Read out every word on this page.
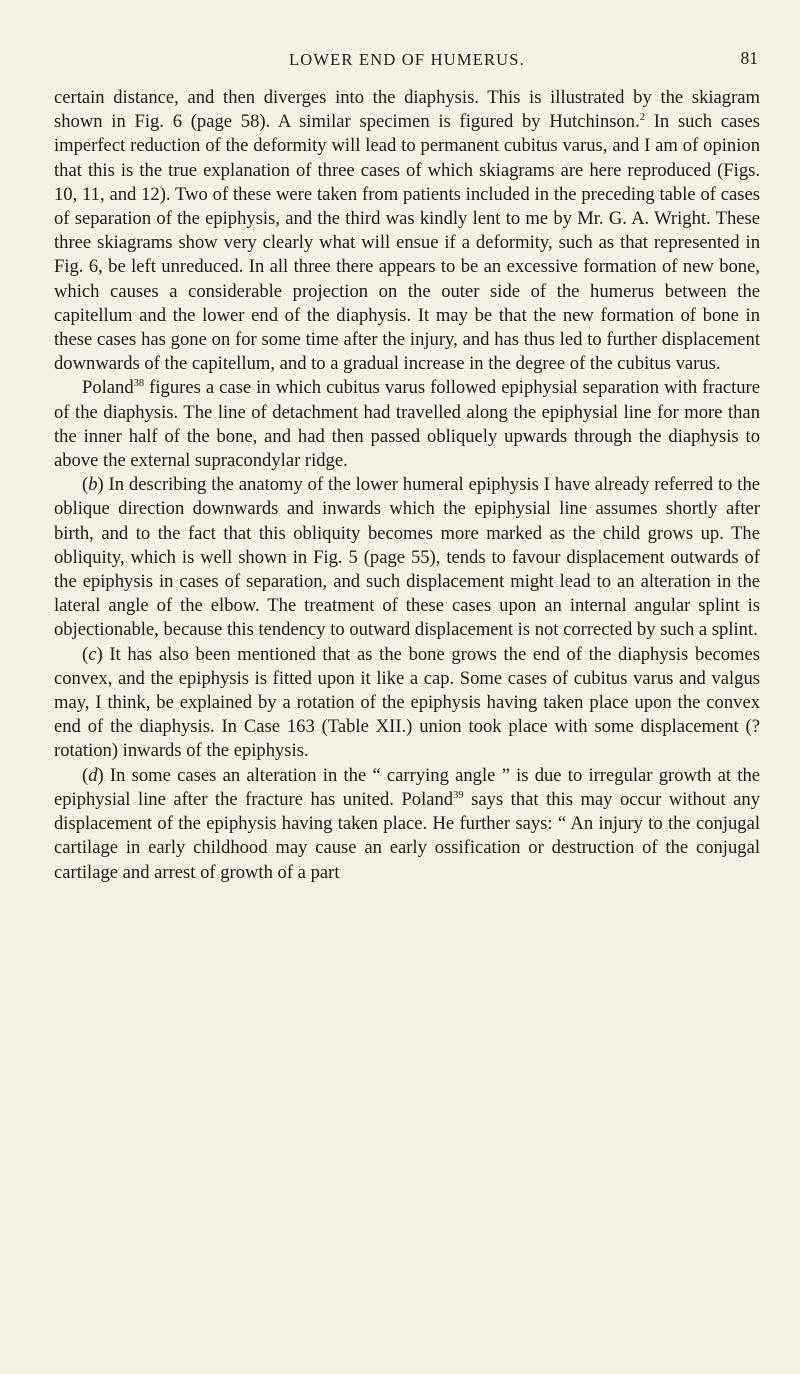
LOWER END OF HUMERUS.	81

certain distance, and then diverges into the diaphysis. This is illustrated by the skiagram shown in Fig. 6 (page 58). A similar specimen is figured by Hutchinson.$^2$ In such cases imperfect reduction of the deformity will lead to permanent cubitus varus, and I am of opinion that this is the true explanation of three cases of which skiagrams are here reproduced (Figs. 10, 11, and 12). Two of these were taken from patients included in the preceding table of cases of separation of the epiphysis, and the third was kindly lent to me by Mr. G. A. Wright. These three skiagrams show very clearly what will ensue if a deformity, such as that represented in Fig. 6, be left unreduced. In all three there appears to be an excessive formation of new bone, which causes a considerable projection on the outer side of the humerus between the capitellum and the lower end of the diaphysis. It may be that the new formation of bone in these cases has gone on for some time after the injury, and has thus led to further displacement downwards of the capitellum, and to a gradual increase in the degree of the cubitus varus.

Poland$^{38}$ figures a case in which cubitus varus followed epiphysial separation with fracture of the diaphysis. The line of detachment had travelled along the epiphysial line for more than the inner half of the bone, and had then passed obliquely upwards through the diaphysis to above the external supracondylar ridge.

(b) In describing the anatomy of the lower humeral epiphysis I have already referred to the oblique direction downwards and inwards which the epiphysial line assumes shortly after birth, and to the fact that this obliquity becomes more marked as the child grows up. The obliquity, which is well shown in Fig. 5 (page 55), tends to favour displacement outwards of the epiphysis in cases of separation, and such displacement might lead to an alteration in the lateral angle of the elbow. The treatment of these cases upon an internal angular splint is objectionable, because this tendency to outward displacement is not corrected by such a splint.

(c) It has also been mentioned that as the bone grows the end of the diaphysis becomes convex, and the epiphysis is fitted upon it like a cap. Some cases of cubitus varus and valgus may, I think, be explained by a rotation of the epiphysis having taken place upon the convex end of the diaphysis. In Case 163 (Table XII.) union took place with some displacement (? rotation) inwards of the epiphysis.

(d) In some cases an alteration in the “ carrying angle ” is due to irregular growth at the epiphysial line after the fracture has united. Poland$^{39}$ says that this may occur without any displacement of the epiphysis having taken place. He further says: “ An injury to the conjugal cartilage in early childhood may cause an early ossification or destruction of the conjugal cartilage and arrest of growth of a part
